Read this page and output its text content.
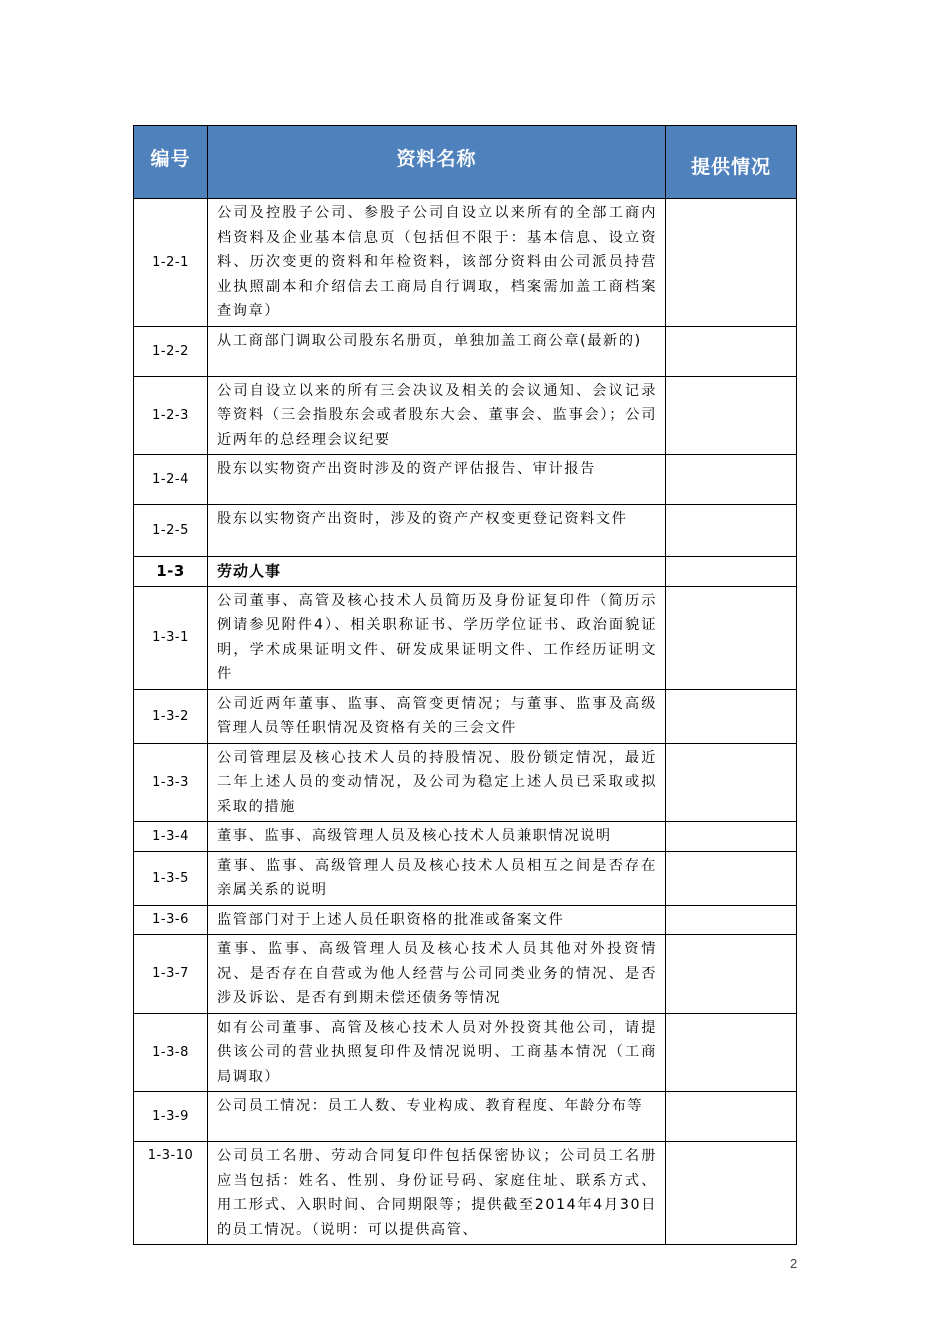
编号	资料名称	提供情况
1-2-1	公司及控股子公司、参股子公司自设立以来所有的全部工商内档资料及企业基本信息页（包括但不限于：基本信息、设立资料、历次变更的资料和年检资料，该部分资料由公司派员持营业执照副本和介绍信去工商局自行调取，档案需加盖工商档案查询章）	
1-2-2	从工商部门调取公司股东名册页，单独加盖工商公章(最新的)	
1-2-3	公司自设立以来的所有三会决议及相关的会议通知、会议记录等资料（三会指股东会或者股东大会、董事会、监事会）；公司近两年的总经理会议纪要	
1-2-4	股东以实物资产出资时涉及的资产评估报告、审计报告	
1-2-5	股东以实物资产出资时，涉及的资产产权变更登记资料文件	
1-3	劳动人事	
1-3-1	公司董事、高管及核心技术人员简历及身份证复印件（简历示例请参见附件4）、相关职称证书、学历学位证书、政治面貌证明，学术成果证明文件、研发成果证明文件、工作经历证明文件	
1-3-2	公司近两年董事、监事、高管变更情况；与董事、监事及高级管理人员等任职情况及资格有关的三会文件	
1-3-3	公司管理层及核心技术人员的持股情况、股份锁定情况，最近二年上述人员的变动情况，及公司为稳定上述人员已采取或拟采取的措施	
1-3-4	董事、监事、高级管理人员及核心技术人员兼职情况说明	
1-3-5	董事、监事、高级管理人员及核心技术人员相互之间是否存在亲属关系的说明	
1-3-6	监管部门对于上述人员任职资格的批准或备案文件	
1-3-7	董事、监事、高级管理人员及核心技术人员其他对外投资情况、是否存在自营或为他人经营与公司同类业务的情况、是否涉及诉讼、是否有到期未偿还债务等情况	
1-3-8	如有公司董事、高管及核心技术人员对外投资其他公司，请提供该公司的营业执照复印件及情况说明、工商基本情况（工商局调取）	
1-3-9	公司员工情况：员工人数、专业构成、教育程度、年龄分布等	
1-3-10	公司员工名册、劳动合同复印件包括保密协议；公司员工名册应当包括：姓名、性别、身份证号码、家庭住址、联系方式、用工形式、入职时间、合同期限等；提供截至2014年4月30日的员工情况。（说明：可以提供高管、	
2
